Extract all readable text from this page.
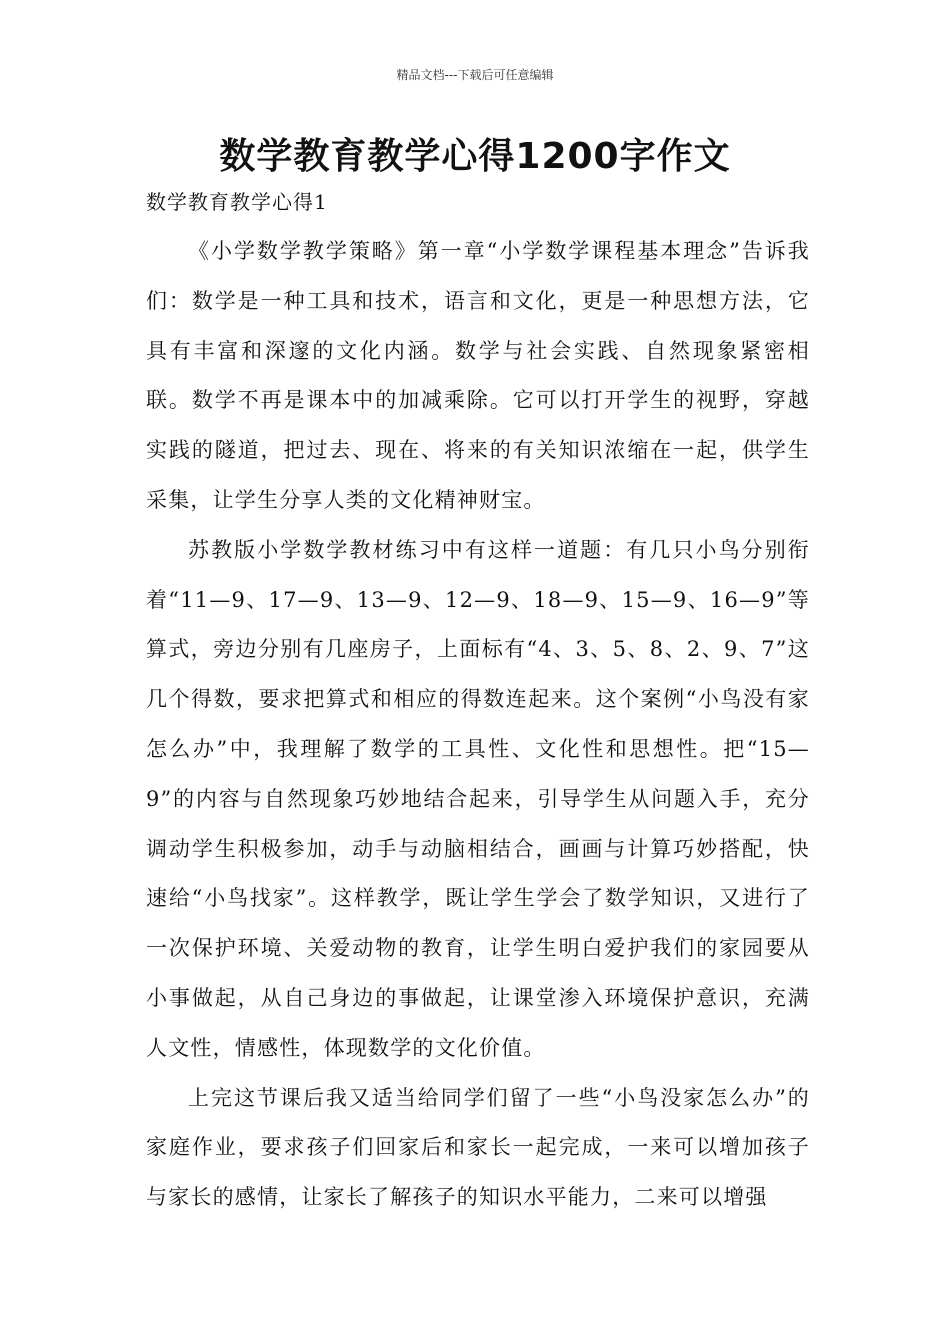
精品文档---下载后可任意编辑
数学教育教学心得1200字作文
数学教育教学心得1

《小学数学教学策略》第一章“小学数学课程基本理念”告诉我们：数学是一种工具和技术，语言和文化，更是一种思想方法，它具有丰富和深邃的文化内涵。数学与社会实践、自然现象紧密相联。数学不再是课本中的加减乘除。它可以打开学生的视野，穿越实践的隧道，把过去、现在、将来的有关知识浓缩在一起，供学生采集，让学生分享人类的文化精神财宝。

苏教版小学数学教材练习中有这样一道题：有几只小鸟分别衔着“11—9、17—9、13—9、12—9、18—9、15—9、16—9”等算式，旁边分别有几座房子，上面标有“4、3、5、8、2、9、7”这几个得数，要求把算式和相应的得数连起来。这个案例“小鸟没有家怎么办”中，我理解了数学的工具性、文化性和思想性。把“15—9”的内容与自然现象巧妙地结合起来，引导学生从问题入手，充分调动学生积极参加，动手与动脑相结合，画画与计算巧妙搭配，快速给“小鸟找家”。这样教学，既让学生学会了数学知识，又进行了一次保护环境、关爱动物的教育，让学生明白爱护我们的家园要从小事做起，从自己身边的事做起，让课堂渗入环境保护意识，充满人文性，情感性，体现数学的文化价值。

上完这节课后我又适当给同学们留了一些“小鸟没家怎么办”的家庭作业，要求孩子们回家后和家长一起完成，一来可以增加孩子与家长的感情，让家长了解孩子的知识水平能力，二来可以增强
